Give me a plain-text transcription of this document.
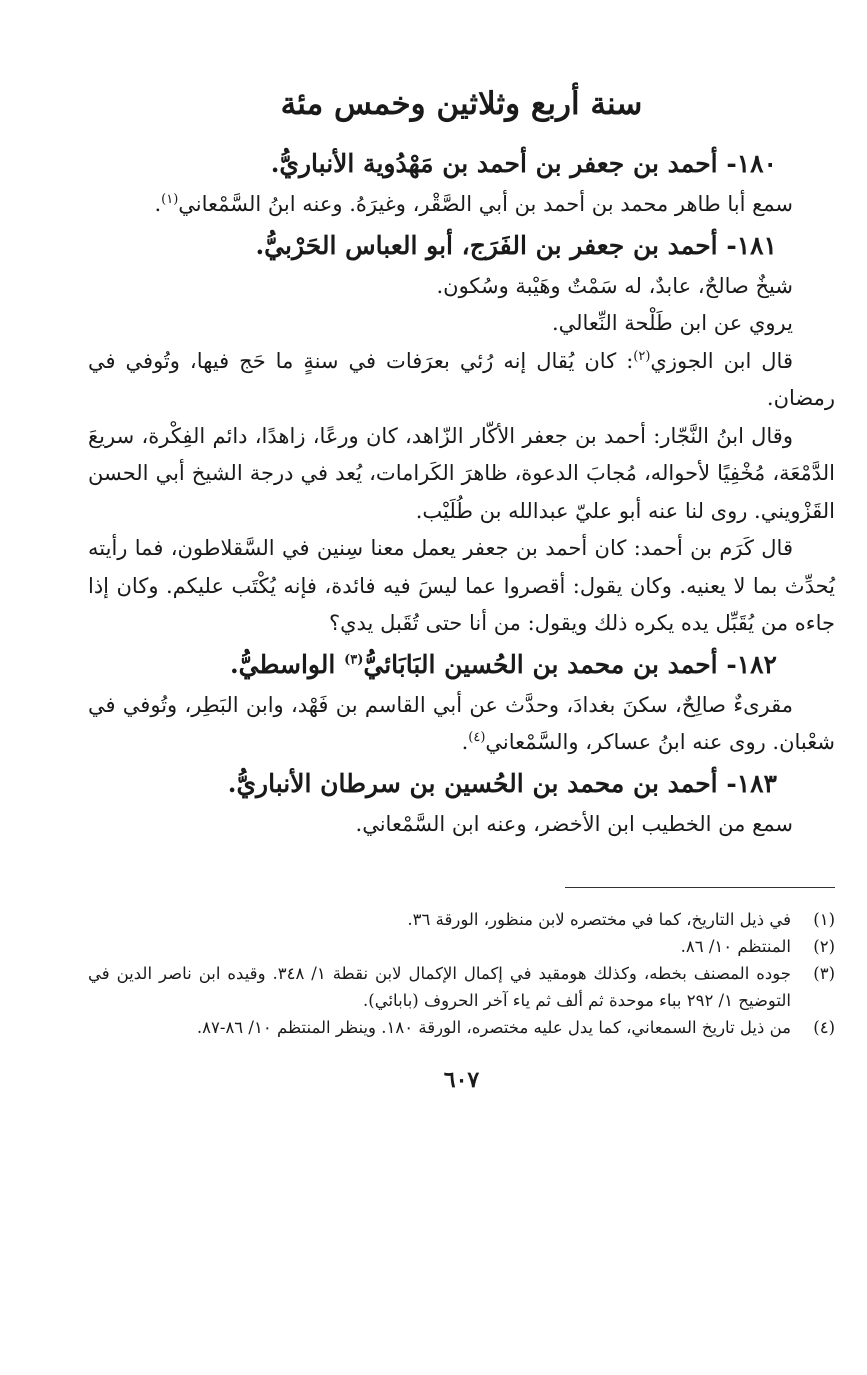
سنة أربع وثلاثين وخمس مئة

١٨٠- أحمد بن جعفر بن أحمد بن مَهْدُوية الأنباريُّ.

سمع أبا طاهر محمد بن أحمد بن أبي الصَّقْر، وغيرَهُ. وعنه ابنُ السَّمْعاني$^{(١)}$.

١٨١- أحمد بن جعفر بن الفَرَج، أبو العباس الحَرْبيُّ.

شيخٌ صالحٌ، عابدٌ، له سَمْتٌ وهَيْبة وسُكون.

يروي عن ابن طَلْحة النِّعالي.

قال ابن الجوزي$^{(٢)}$: كان يُقال إنه رُئي بعرَفات في سنةٍ ما حَج فيها، وتُوفي في رمضان.

وقال ابنُ النَّجّار: أحمد بن جعفر الأكّار الزّاهد، كان ورعًا، زاهدًا، دائم الفِكْرة، سريعَ الدَّمْعَة، مُخْفِيًا لأحواله، مُجابَ الدعوة، ظاهرَ الكَرامات، يُعد في درجة الشيخ أبي الحسن القَزْويني. روى لنا عنه أبو عليّ عبدالله بن طُلَيْب.

قال كَرَم بن أحمد: كان أحمد بن جعفر يعمل معنا سِنين في السَّقلاطون، فما رأيته يُحدِّث بما لا يعنيه. وكان يقول: أقصروا عما ليسَ فيه فائدة، فإنه يُكْتَب عليكم. وكان إذا جاءه من يُقَبِّل يده يكره ذلك ويقول: من أنا حتى تُقَبل يدي؟

١٨٢- أحمد بن محمد بن الحُسين البَابَائيُّ$^{(٣)}$ الواسطيُّ.

مقرىءٌ صالِحٌ، سكنَ بغدادَ، وحدَّث عن أبي القاسم بن فَهْد، وابن البَطِر، وتُوفي في شعْبان. روى عنه ابنُ عساكر، والسَّمْعاني$^{(٤)}$.

١٨٣- أحمد بن محمد بن الحُسين بن سرطان الأنباريُّ.

سمع من الخطيب ابن الأخضر، وعنه ابن السَّمْعاني.

(١)
في ذيل التاريخ، كما في مختصره لابن منظور، الورقة ٣٦.
(٢)
المنتظم ١٠/ ٨٦.
(٣)
جوده المصنف بخطه، وكذلك هومقيد في إكمال الإكمال لابن نقطة ١/ ٣٤٨. وقيده ابن ناصر الدين في التوضيح ١/ ٢٩٢ بباء موحدة ثم ألف ثم ياء آخر الحروف (بابائي).
(٤)
من ذيل تاريخ السمعاني، كما يدل عليه مختصره، الورقة ١٨٠. وينظر المنتظم ١٠/ ٨٦-٨٧.
٦٠٧
